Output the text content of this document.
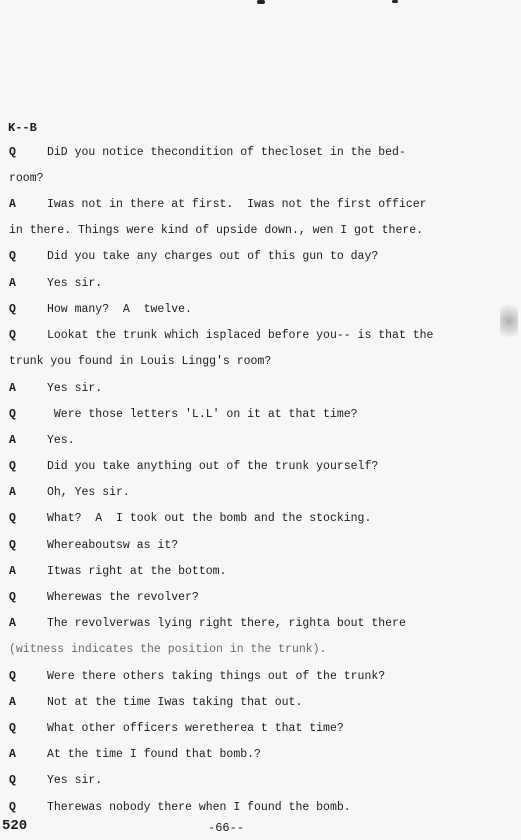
K--B
Q	DiD you notice thecondition of thecloset in the bed-
room?
A	Iwas not in there at first.  Iwas not the first officer
in there. Things were kind of upside down., wen I got there.
Q	Did you take any charges out of this gun to day?
A	Yes sir.
Q	How many?  A  twelve.
Q	Lookat the trunk which isplaced before you-- is that the
trunk you found in Louis Lingg's room?
A	Yes sir.
Q	Were those letters 'L.L' on it at that time?
A	Yes.
Q	Did you take anything out of the trunk yourself?
A	Oh, Yes sir.
Q	What?  A  I took out the bomb and the stocking.
Q	Whereaboutsw as it?
A	Itwas right at the bottom.
Q	Wherewas the revolver?
A	The revolverwas lying right there, righta bout there
(witness indicates the position in the trunk).
Q	Were there others taking things out of the trunk?
A	Not at the time Iwas taking that out.
Q	What other officers weretherea t that time?
A	At the time I found that bomb.?
Q	Yes sir.
Q	Therewas nobody there when I found the bomb.
520	-66--
